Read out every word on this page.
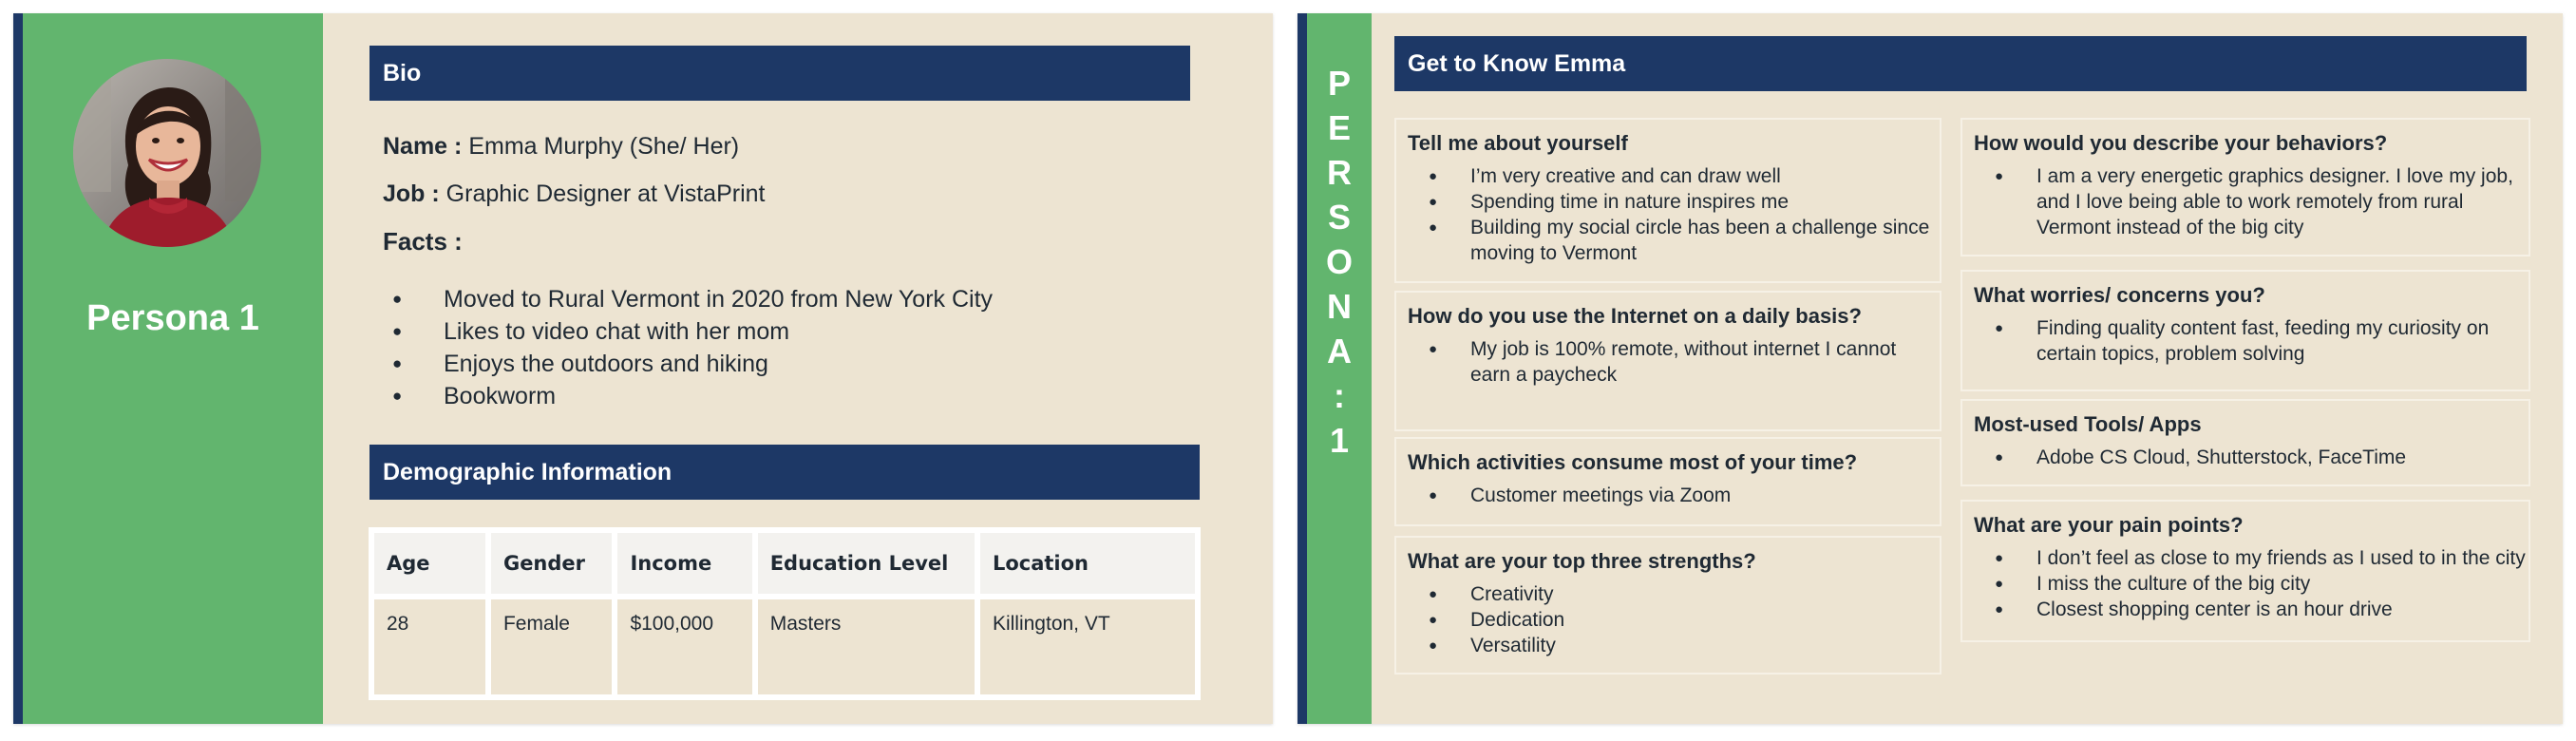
Persona 1
Bio
Name : Emma Murphy (She/ Her)
Job : Graphic Designer at VistaPrint
Facts :
● Moved to Rural Vermont in 2020 from New York City
● Likes to video chat with her mom
● Enjoys the outdoors and hiking
● Bookworm
Demographic Information
Age	Gender	Income	Education Level	Location
28	Female	$100,000	Masters	Killington, VT
P
E
R
S
O
N
A
:
1
Get to Know Emma
Tell me about yourself
● I’m very creative and can draw well
● Spending time in nature inspires me
● Building my social circle has been a challenge since moving to Vermont
How do you use the Internet on a daily basis?
● My job is 100% remote, without internet I cannot earn a paycheck
Which activities consume most of your time?
● Customer meetings via Zoom
What are your top three strengths?
● Creativity
● Dedication
● Versatility
How would you describe your behaviors?
● I am a very energetic graphics designer. I love my job, and I love being able to work remotely from rural Vermont instead of the big city
What worries/ concerns you?
● Finding quality content fast, feeding my curiosity on certain topics, problem solving
Most-used Tools/ Apps
● Adobe CS Cloud, Shutterstock, FaceTime
What are your pain points?
● I don’t feel as close to my friends as I used to in the city
● I miss the culture of the big city
● Closest shopping center is an hour drive
